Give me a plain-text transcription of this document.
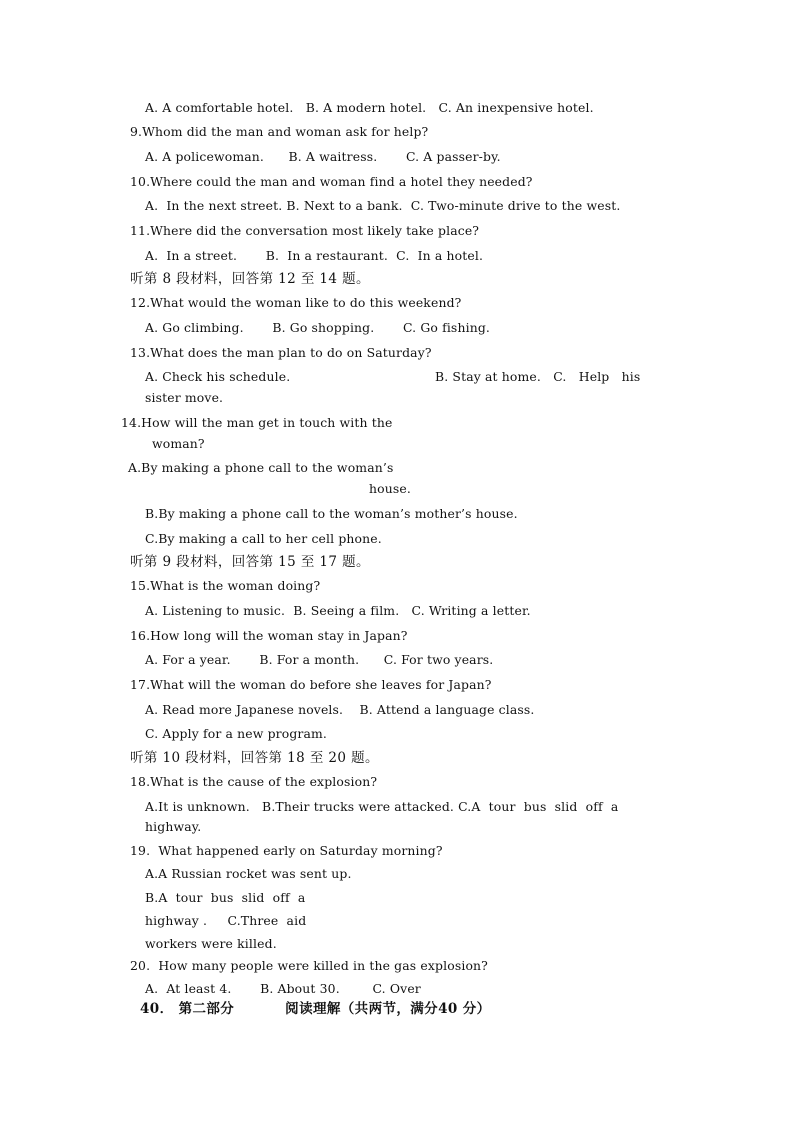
A. A comfortable hotel.   B. A modern hotel.   C. An inexpensive hotel.
9.Whom did the man and woman ask for help?
A. A policewoman.      B. A waitress.       C. A passer-by.
10.Where could the man and woman find a hotel they needed?
A.  In the next street. B. Next to a bank.  C. Two-minute drive to the west.
11.Where did the conversation most likely take place?
A.  In a street.       B.  In a restaurant.  C.  In a hotel.
听第 8 段材料，回答第 12 至 14 题。
12.What would the woman like to do this weekend?
A. Go climbing.       B. Go shopping.       C. Go fishing.
13.What does the man plan to do on Saturday?
A. Check his schedule.	B. Stay at home.   C.   Help   his
sister move.
14.How will the man get in touch with the
woman?
A.By making a phone call to the woman’s
house.
B.By making a phone call to the woman’s mother’s house.
C.By making a call to her cell phone.
听第 9 段材料，回答第 15 至 17 题。
15.What is the woman doing?
A. Listening to music.  B. Seeing a film.   C. Writing a letter.
16.How long will the woman stay in Japan?
A. For a year.       B. For a month.      C. For two years.
17.What will the woman do before she leaves for Japan?
A. Read more Japanese novels.    B. Attend a language class.
C. Apply for a new program.
听第 10 段材料，回答第 18 至 20 题。
18.What is the cause of the explosion?
A.It is unknown.   B.Their trucks were attacked. C.A  tour  bus  slid  off  a
highway.
19.  What happened early on Saturday morning?
A.A Russian rocket was sent up.
B.A  tour  bus  slid  off  a
highway .     C.Three  aid
workers were killed.
20.  How many people were killed in the gas explosion?
A.  At least 4.       B. About 30.        C. Over
40． 第二部分          阅读理解（共两节，满分40 分）
